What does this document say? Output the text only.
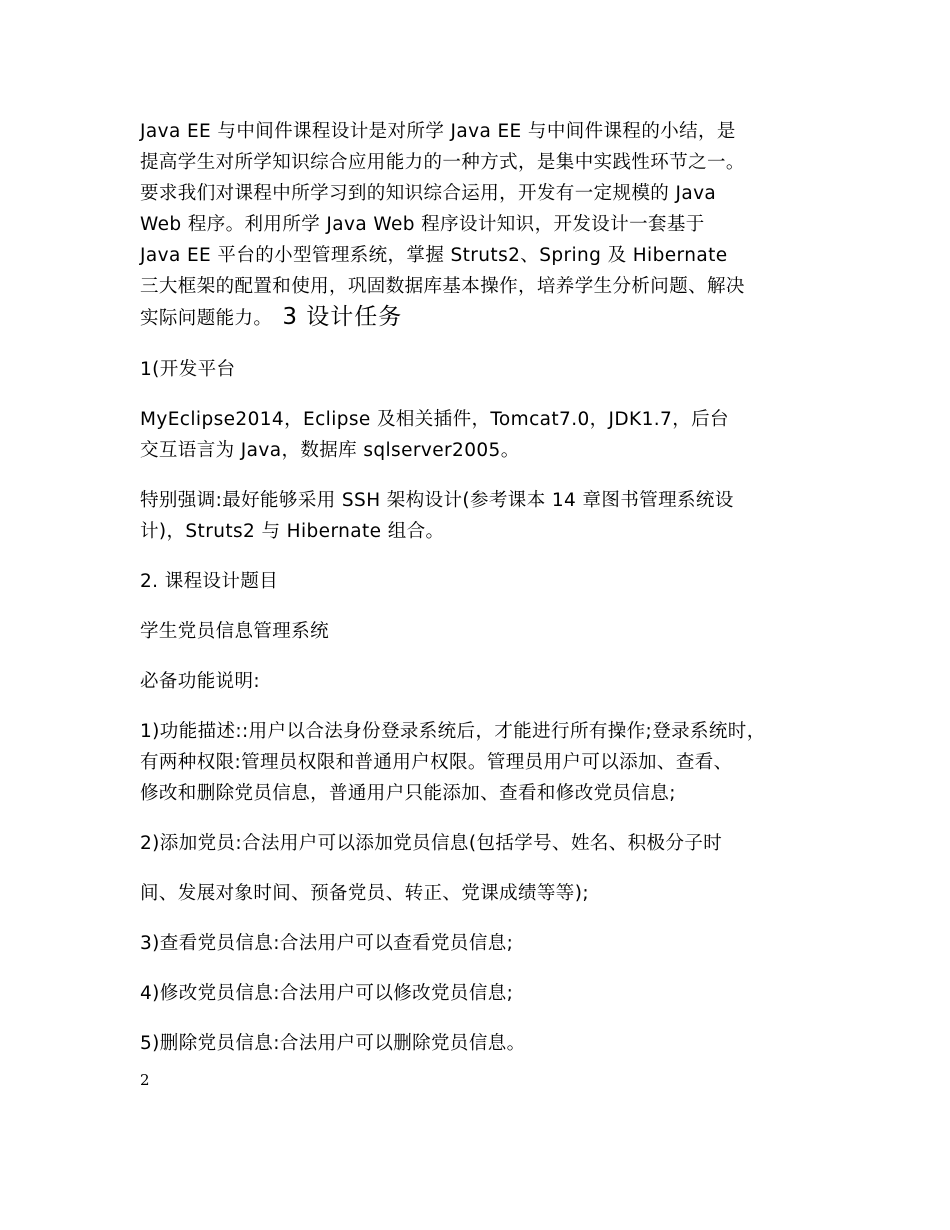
Java EE 与中间件课程设计是对所学 Java EE 与中间件课程的小结，是
提高学生对所学知识综合应用能力的一种方式，是集中实践性环节之一。
要求我们对课程中所学习到的知识综合运用，开发有一定规模的 Java
Web 程序。利用所学 Java Web 程序设计知识，开发设计一套基于
Java EE 平台的小型管理系统，掌握 Struts2、Spring 及 Hibernate
三大框架的配置和使用，巩固数据库基本操作，培养学生分析问题、解决
实际问题能力。 3 设计任务

1(开发平台

MyEclipse2014，Eclipse 及相关插件，Tomcat7.0，JDK1.7，后台
交互语言为 Java，数据库 sqlserver2005。

特别强调:最好能够采用 SSH 架构设计(参考课本 14 章图书管理系统设
计)，Struts2 与 Hibernate 组合。

2. 课程设计题目

学生党员信息管理系统

必备功能说明:

1)功能描述::用户以合法身份登录系统后，才能进行所有操作;登录系统时，
有两种权限:管理员权限和普通用户权限。管理员用户可以添加、查看、
修改和删除党员信息，普通用户只能添加、查看和修改党员信息;

2)添加党员:合法用户可以添加党员信息(包括学号、姓名、积极分子时

间、发展对象时间、预备党员、转正、党课成绩等等);

3)查看党员信息:合法用户可以查看党员信息;

4)修改党员信息:合法用户可以修改党员信息;

5)删除党员信息:合法用户可以删除党员信息。

2
